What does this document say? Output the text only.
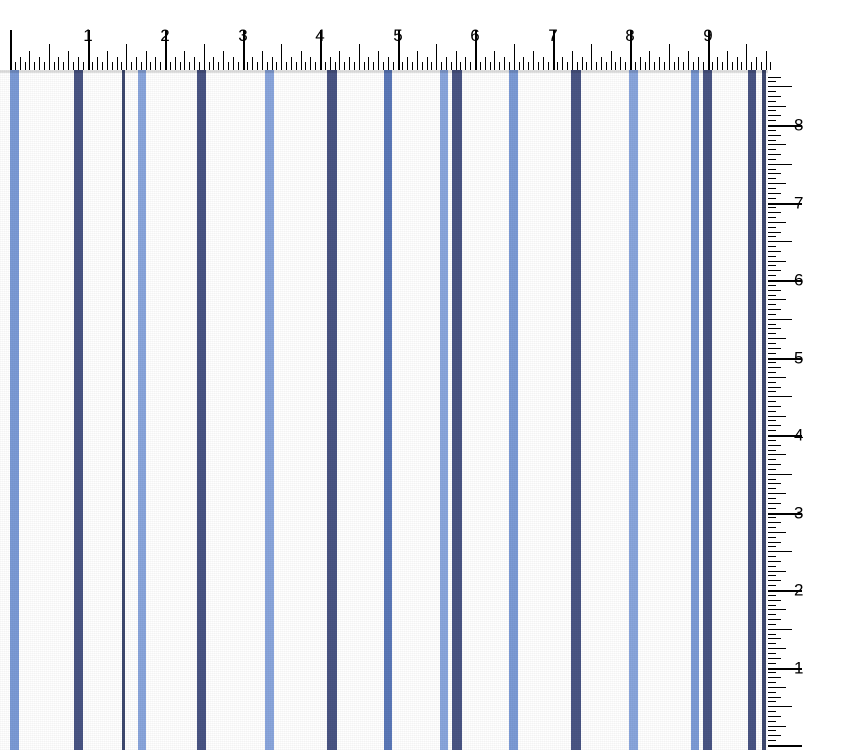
1	2	3	4	5	6	7	8	9
1
2
3
4
5
6
7
8
